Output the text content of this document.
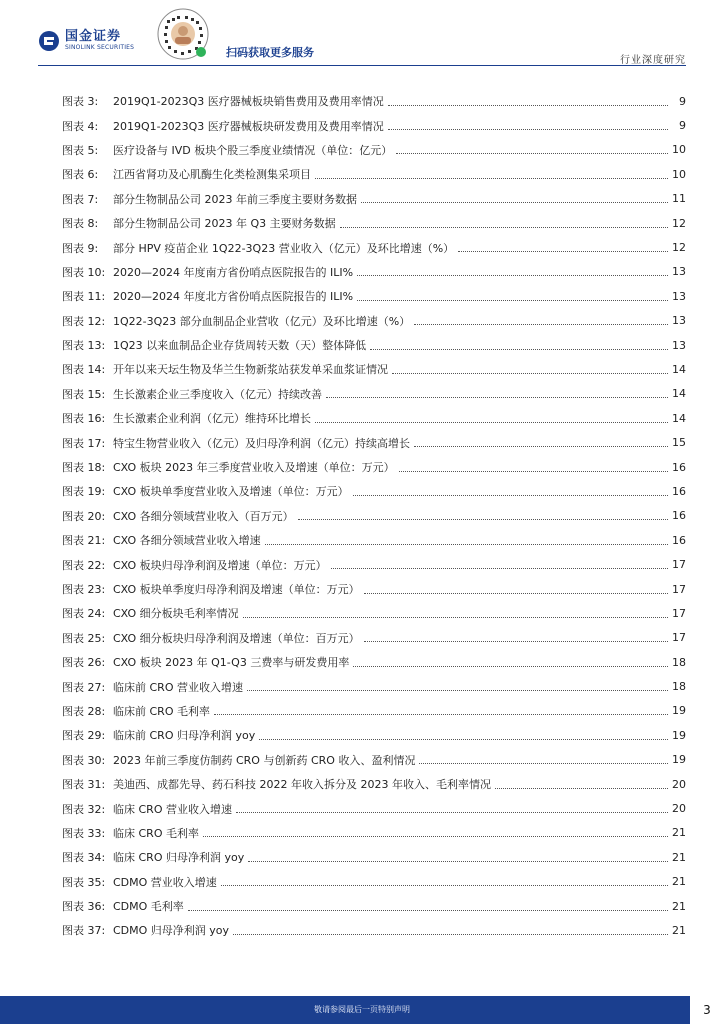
国金证券
SINOLINK SECURITIES	扫码获取更多服务
行业深度研究
图表 3:	2019Q1-2023Q3 医疗器械板块销售费用及费用率情况	9
图表 4:	2019Q1-2023Q3 医疗器械板块研发费用及费用率情况	9
图表 5:	医疗设备与 IVD 板块个股三季度业绩情况（单位：亿元）	10
图表 6:	江西省肾功及心肌酶生化类检测集采项目	10
图表 7:	部分生物制品公司 2023 年前三季度主要财务数据	11
图表 8:	部分生物制品公司 2023 年 Q3 主要财务数据	12
图表 9:	部分 HPV 疫苗企业 1Q22-3Q23 营业收入（亿元）及环比增速（%）	12
图表 10: 2020—2024 年度南方省份哨点医院报告的 ILI%	13
图表 11: 2020—2024 年度北方省份哨点医院报告的 ILI%	13
图表 12: 1Q22-3Q23 部分血制品企业营收（亿元）及环比增速（%）	13
图表 13: 1Q23 以来血制品企业存货周转天数（天）整体降低	13
图表 14: 开年以来天坛生物及华兰生物新浆站获发单采血浆证情况	14
图表 15: 生长激素企业三季度收入（亿元）持续改善	14
图表 16: 生长激素企业利润（亿元）维持环比增长	14
图表 17: 特宝生物营业收入（亿元）及归母净利润（亿元）持续高增长	15
图表 18: CXO 板块 2023 年三季度营业收入及增速（单位：万元）	16
图表 19: CXO 板块单季度营业收入及增速（单位：万元）	16
图表 20: CXO 各细分领域营业收入（百万元）	16
图表 21: CXO 各细分领域营业收入增速	16
图表 22: CXO 板块归母净利润及增速（单位：万元）	17
图表 23: CXO 板块单季度归母净利润及增速（单位：万元）	17
图表 24: CXO 细分板块毛利率情况	17
图表 25: CXO 细分板块归母净利润及增速（单位：百万元）	17
图表 26: CXO 板块 2023 年 Q1-Q3 三费率与研发费用率	18
图表 27: 临床前 CRO 营业收入增速	18
图表 28: 临床前 CRO 毛利率	19
图表 29: 临床前 CRO 归母净利润 yoy	19
图表 30: 2023 年前三季度仿制药 CRO 与创新药 CRO 收入、盈利情况	19
图表 31: 美迪西、成都先导、药石科技 2022 年收入拆分及 2023 年收入、毛利率情况	20
图表 32: 临床 CRO 营业收入增速	20
图表 33: 临床 CRO 毛利率	21
图表 34: 临床 CRO 归母净利润 yoy	21
图表 35: CDMO 营业收入增速	21
图表 36: CDMO 毛利率	21
图表 37: CDMO 归母净利润 yoy	21
敬请参阅最后一页特别声明	3
